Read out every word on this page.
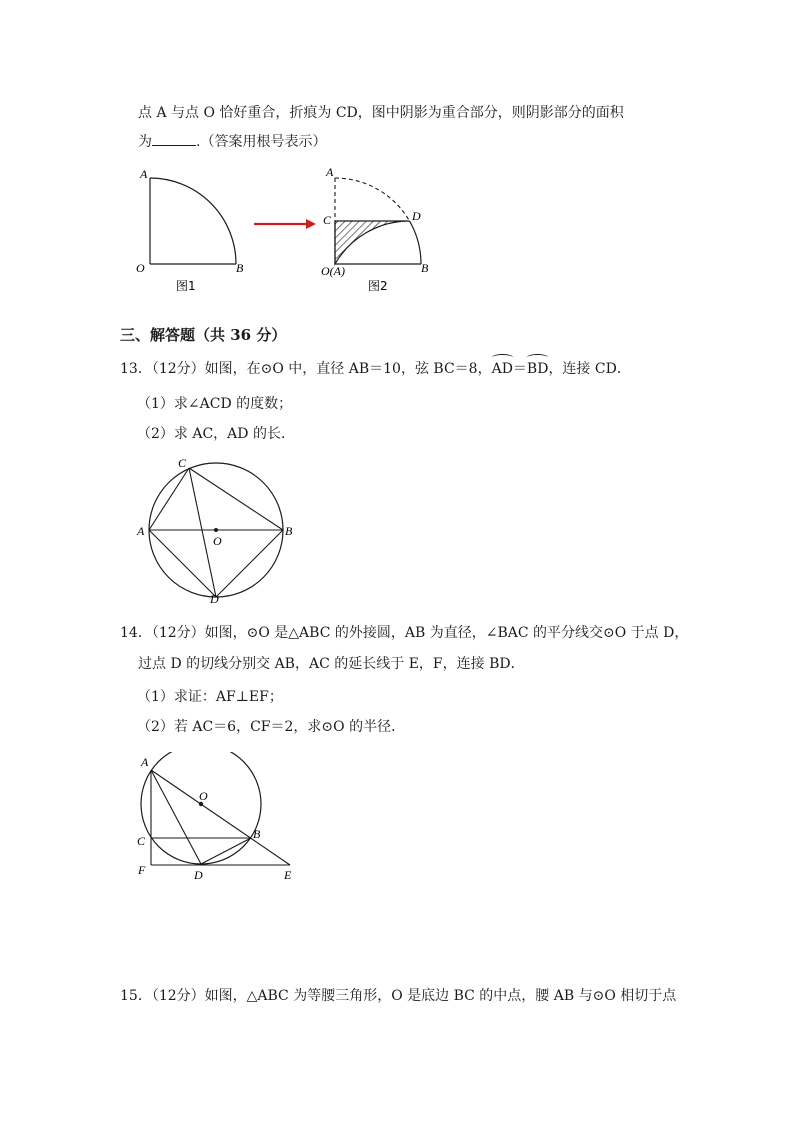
点 A 与点 O 恰好重合，折痕为 CD，图中阴影为重合部分，则阴影部分的面积
为	.（答案用根号表示）
A
O	B
图1
A
C	D
O(A)	B
图2
三、解答题（共 36 分）
13．（12分）如图，在⊙O 中，直径 AB＝10，弦 BC＝8，AD＝BD，连接 CD．
（1）求∠ACD 的度数；
（2）求 AC，AD 的长．
C
A
O
B
D
14．（12分）如图，⊙O 是△ABC 的外接圆，AB 为直径，∠BAC 的平分线交⊙O 于点 D，
过点 D 的切线分别交 AB，AC 的延长线于 E，F，连接 BD．
（1）求证：AF⊥EF；
（2）若 AC＝6，CF＝2，求⊙O 的半径．
A
O
C	B
F	D	E
15．（12分）如图，△ABC 为等腰三角形，O 是底边 BC 的中点，腰 AB 与⊙O 相切于点
